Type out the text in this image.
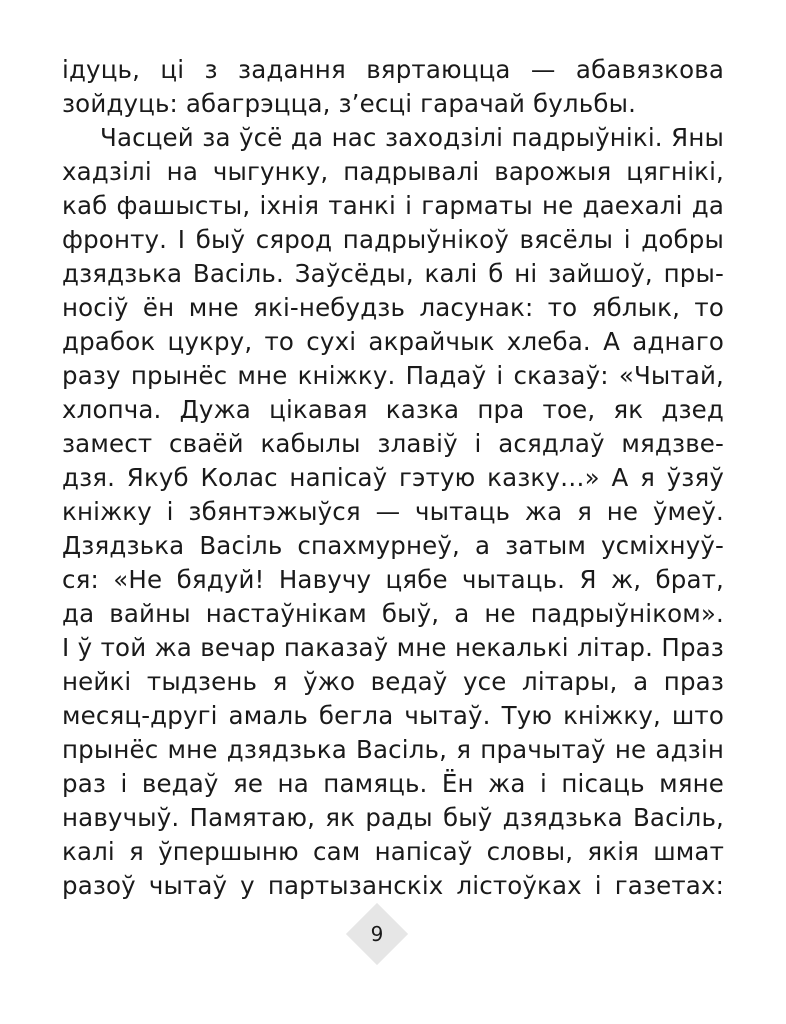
ідуць, ці з задання вяртаюцца — абавязкова
зойдуць: абагрэцца, з’есці гарачай бульбы.
Часцей за ўсё да нас заходзілі падрыўнікі. Яны
хадзілі на чыгунку, падрывалі варожыя цягнікі,
каб фашысты, іхнія танкі і гарматы не даехалі да
фронту. І быў сярод падрыўнікоў вясёлы і добры
дзядзька Васіль. Заўсёды, калі б ні зайшоў, пры-
носіў ён мне які-небудзь ласунак: то яблык, то
драбок цукру, то сухі акрайчык хлеба. А аднаго
разу прынёс мне кніжку. Падаў і сказаў: «Чытай,
хлопча. Дужа цікавая казка пра тое, як дзед
замест сваёй кабылы злавіў і асядлаў мядзве-
дзя. Якуб Колас напісаў гэтую казку…» А я ўзяў
кніжку і збянтэжыўся — чытаць жа я не ўмеў.
Дзядзька Васіль спахмурнеў, а затым усміхнуў-
ся: «Не бядуй! Навучу цябе чытаць. Я ж, брат,
да вайны настаўнікам быў, а не падрыўніком».
І ў той жа вечар паказаў мне некалькі літар. Праз
нейкі тыдзень я ўжо ведаў усе літары, а праз
месяц-другі амаль бегла чытаў. Тую кніжку, што
прынёс мне дзядзька Васіль, я прачытаў не адзін
раз і ведаў яе на памяць. Ён жа і пісаць мяне
навучыў. Памятаю, як рады быў дзядзька Васіль,
калі я ўпершыню сам напісаў словы, якія шмат
разоў чытаў у партызанскіх лістоўках і газетах:
9
